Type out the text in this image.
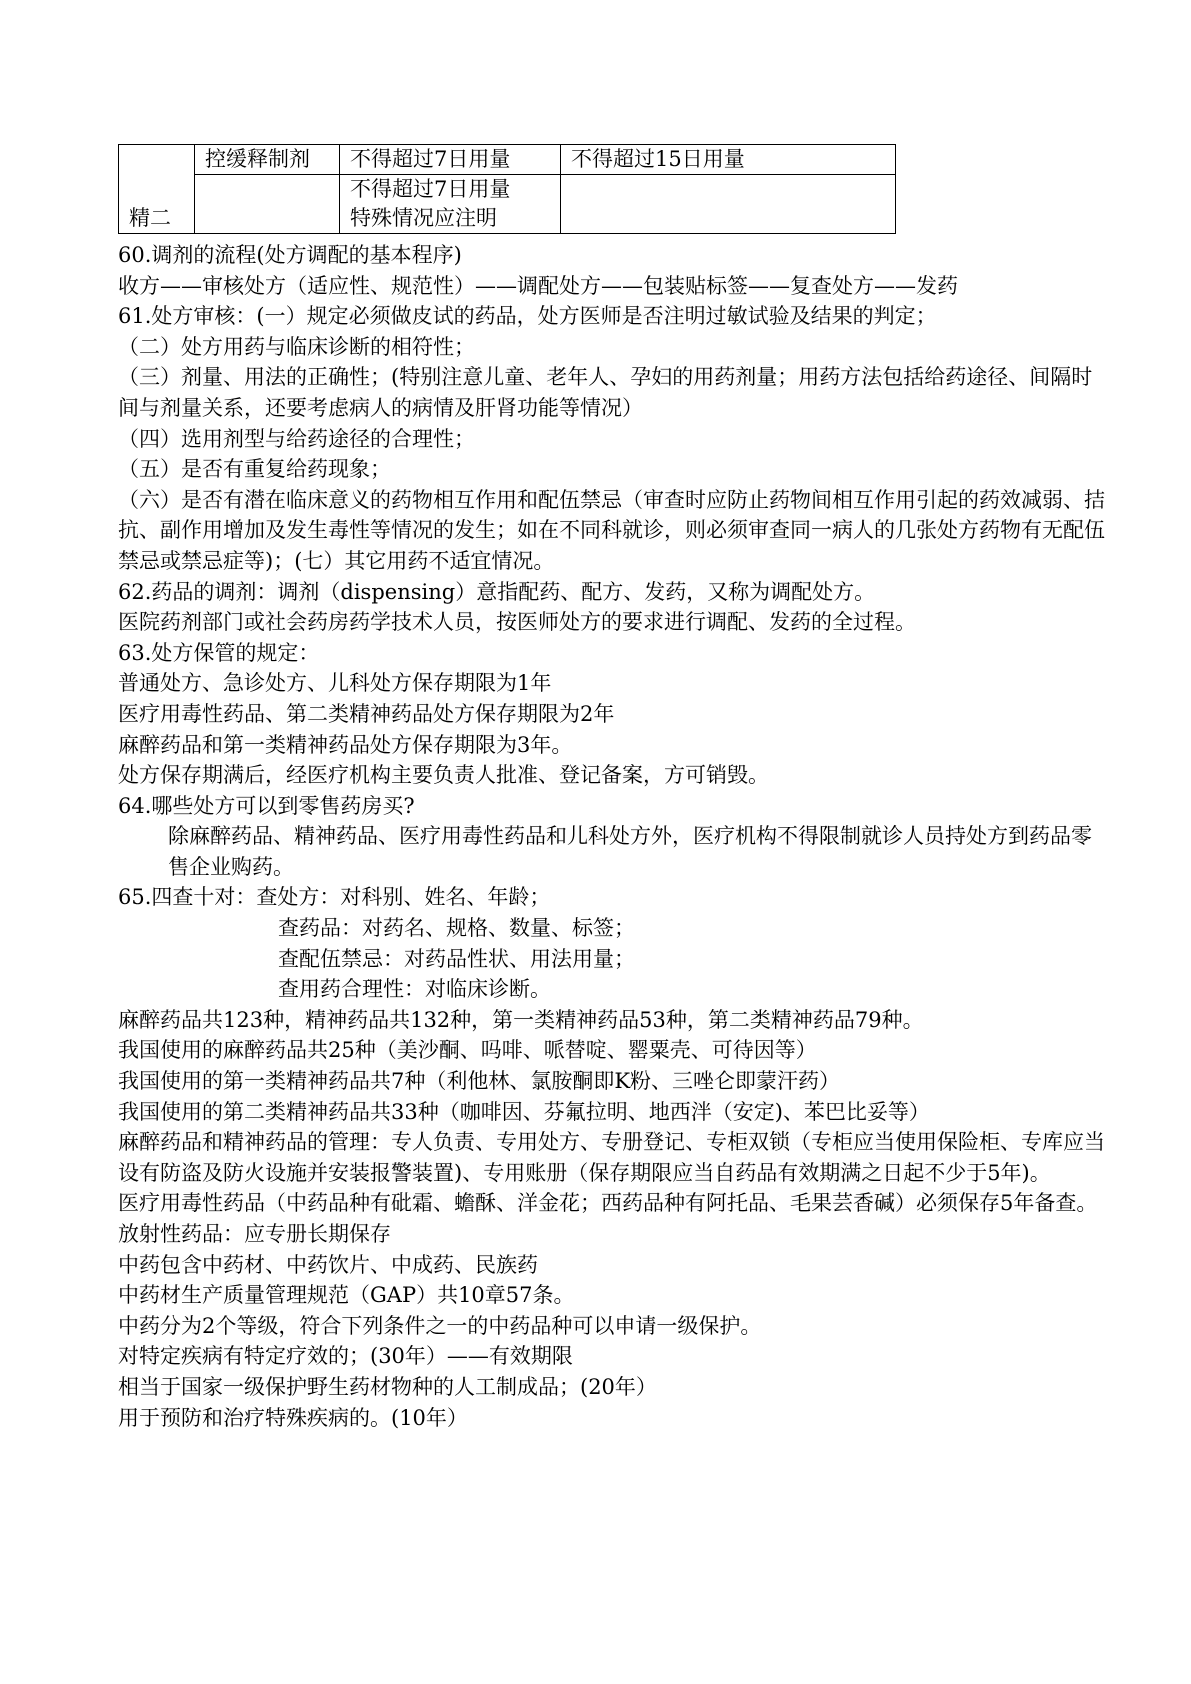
精二	控缓释制剂	不得超过7日用量	不得超过15日用量

		不得超过7日用量
特殊情况应注明	

60.调剂的流程(处方调配的基本程序)

收方——审核处方（适应性、规范性）——调配处方——包装贴标签——复查处方——发药

61.处方审核：(一）规定必须做皮试的药品，处方医师是否注明过敏试验及结果的判定；

（二）处方用药与临床诊断的相符性；

（三）剂量、用法的正确性；(特别注意儿童、老年人、孕妇的用药剂量；用药方法包括给药途径、间隔时间与剂量关系，还要考虑病人的病情及肝肾功能等情况）

（四）选用剂型与给药途径的合理性；

（五）是否有重复给药现象；

（六）是否有潜在临床意义的药物相互作用和配伍禁忌（审查时应防止药物间相互作用引起的药效减弱、拮抗、副作用增加及发生毒性等情况的发生；如在不同科就诊，则必须审查同一病人的几张处方药物有无配伍禁忌或禁忌症等)；(七）其它用药不适宜情况。

62.药品的调剂：调剂（dispensing）意指配药、配方、发药，又称为调配处方。

医院药剂部门或社会药房药学技术人员，按医师处方的要求进行调配、发药的全过程。

63.处方保管的规定：

普通处方、急诊处方、儿科处方保存期限为1年

医疗用毒性药品、第二类精神药品处方保存期限为2年

麻醉药品和第一类精神药品处方保存期限为3年。

处方保存期满后，经医疗机构主要负责人批准、登记备案，方可销毁。

64.哪些处方可以到零售药房买?

除麻醉药品、精神药品、医疗用毒性药品和儿科处方外，医疗机构不得限制就诊人员持处方到药品零售企业购药。

65.四查十对：查处方：对科别、姓名、年龄；

查药品：对药名、规格、数量、标签；

查配伍禁忌：对药品性状、用法用量；

查用药合理性：对临床诊断。

麻醉药品共123种，精神药品共132种，第一类精神药品53种，第二类精神药品79种。

我国使用的麻醉药品共25种（美沙酮、吗啡、哌替啶、罂粟壳、可待因等）

我国使用的第一类精神药品共7种（利他林、氯胺酮即K粉、三唑仑即蒙汗药）

我国使用的第二类精神药品共33种（咖啡因、芬氟拉明、地西泮（安定)、苯巴比妥等）

麻醉药品和精神药品的管理：专人负责、专用处方、专册登记、专柜双锁（专柜应当使用保险柜、专库应当设有防盗及防火设施并安装报警装置)、专用账册（保存期限应当自药品有效期满之日起不少于5年)。

医疗用毒性药品（中药品种有砒霜、蟾酥、洋金花；西药品种有阿托品、毛果芸香碱）必须保存5年备查。

放射性药品：应专册长期保存

中药包含中药材、中药饮片、中成药、民族药

中药材生产质量管理规范（GAP）共10章57条。

中药分为2个等级，符合下列条件之一的中药品种可以申请一级保护。

对特定疾病有特定疗效的；(30年）——有效期限

相当于国家一级保护野生药材物种的人工制成品；(20年）

用于预防和治疗特殊疾病的。(10年）
